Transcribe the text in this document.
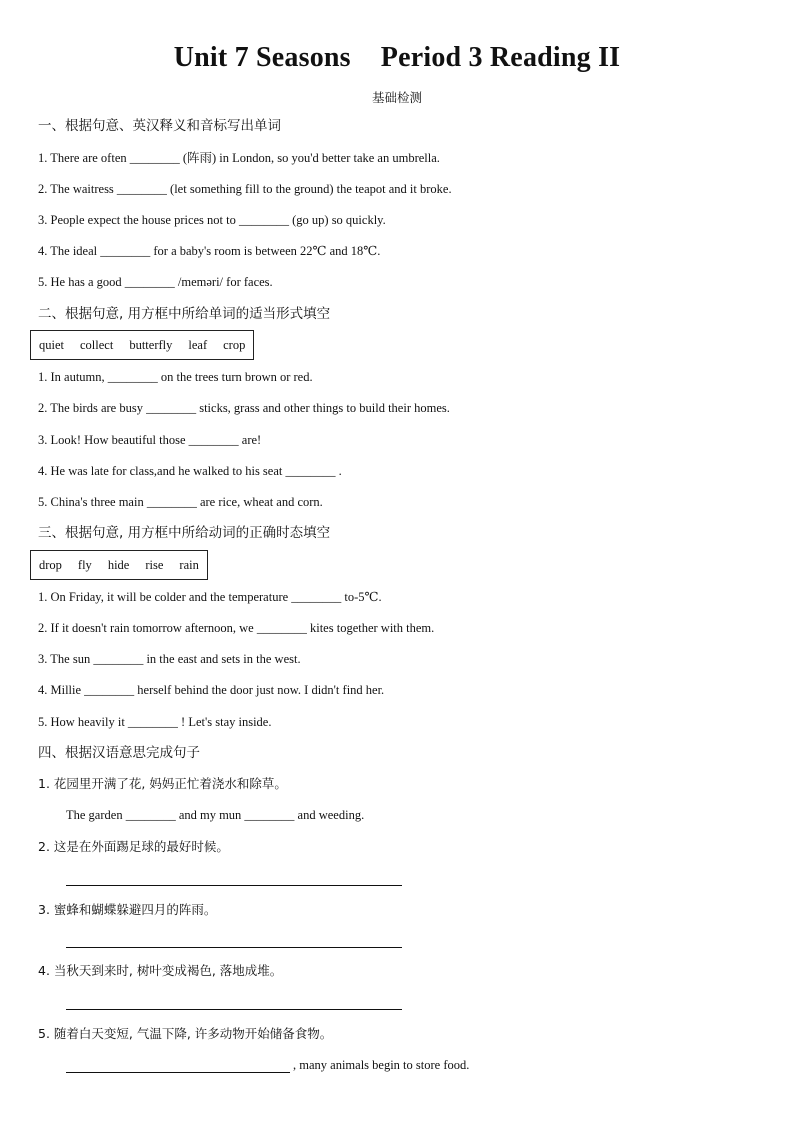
Unit 7 Seasons Period 3 Reading II
基础检测
一、根据句意、英汉释义和音标写出单词
1. There are often ________ (阵雨) in London, so you'd better take an umbrella.
2. The waitress ________ (let something fill to the ground) the teapot and it broke.
3. People expect the house prices not to ________ (go up) so quickly.
4. The ideal ________ for a baby's room is between 22℃ and 18℃.
5. He has a good ________ /meməri/ for faces.
二、根据句意, 用方框中所给单词的适当形式填空
quiet collect butterfly leaf crop
1. In autumn, ________ on the trees turn brown or red.
2. The birds are busy ________ sticks, grass and other things to build their homes.
3. Look! How beautiful those ________ are!
4. He was late for class,and he walked to his seat ________ .
5. China's three main ________ are rice, wheat and corn.
三、根据句意, 用方框中所给动词的正确时态填空
drop fly hide rise rain
1. On Friday, it will be colder and the temperature ________ to-5℃.
2. If it doesn't rain tomorrow afternoon, we ________ kites together with them.
3. The sun ________ in the east and sets in the west.
4. Millie ________ herself behind the door just now. I didn't find her.
5. How heavily it ________ ! Let's stay inside.
四、根据汉语意思完成句子
1. 花园里开满了花, 妈妈正忙着浇水和除草。
The garden ________ and my mun ________ and weeding.
2. 这是在外面踢足球的最好时候。
3. 蜜蜂和蝴蝶躲避四月的阵雨。
4. 当秋天到来时, 树叶变成褐色, 落地成堆。
5. 随着白天变短, 气温下降, 许多动物开始储备食物。
, many animals begin to store food.
